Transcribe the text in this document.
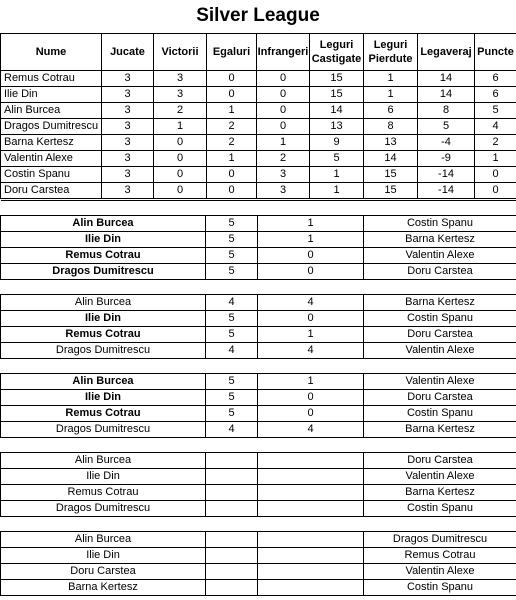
Silver League
Nume	Jucate	Victorii	Egaluri	Infrangeri	Leguri Castigate	Leguri Pierdute	Legaveraj	Puncte
Remus Cotrau	3	3	0	0	15	1	14	6
Ilie Din	3	3	0	0	15	1	14	6
Alin Burcea	3	2	1	0	14	6	8	5
Dragos Dumitrescu	3	1	2	0	13	8	5	4
Barna Kertesz	3	0	2	1	9	13	-4	2
Valentin Alexe	3	0	1	2	5	14	-9	1
Costin Spanu	3	0	0	3	1	15	-14	0
Doru Carstea	3	0	0	3	1	15	-14	0

Alin Burcea	5	1	Costin Spanu
Ilie Din	5	1	Barna Kertesz
Remus Cotrau	5	0	Valentin Alexe
Dragos Dumitrescu	5	0	Doru Carstea

Alin Burcea	4	4	Barna Kertesz
Ilie Din	5	0	Costin Spanu
Remus Cotrau	5	1	Doru Carstea
Dragos Dumitrescu	4	4	Valentin Alexe

Alin Burcea	5	1	Valentin Alexe
Ilie Din	5	0	Doru Carstea
Remus Cotrau	5	0	Costin Spanu
Dragos Dumitrescu	4	4	Barna Kertesz

Alin Burcea			Doru Carstea
Ilie Din			Valentin Alexe
Remus Cotrau			Barna Kertesz
Dragos Dumitrescu			Costin Spanu

Alin Burcea			Dragos Dumitrescu
Ilie Din			Remus Cotrau
Doru Carstea			Valentin Alexe
Barna Kertesz			Costin Spanu
